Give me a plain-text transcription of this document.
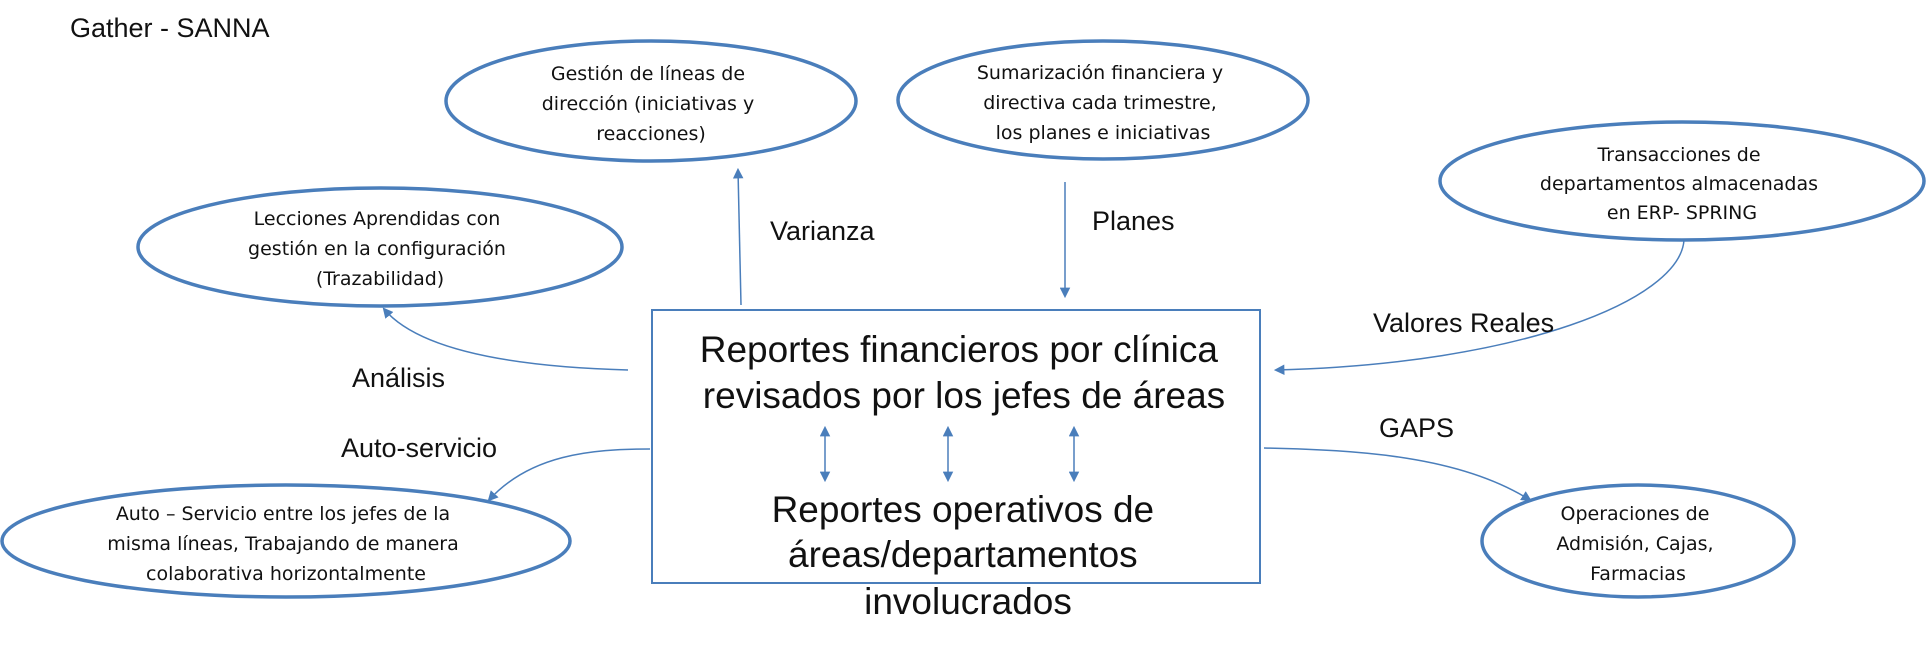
Gather - SANNA
Gestión de líneas de dirección (iniciativas y reacciones)
Sumarización financiera y directiva cada trimestre, los planes e iniciativas
Transacciones de departamentos almacenadas en ERP- SPRING
Lecciones Aprendidas con gestión en la configuración (Trazabilidad)
Auto – Servicio entre los jefes de la misma líneas, Trabajando de manera colaborativa horizontalmente
Operaciones de Admisión, Cajas, Farmacias
Reportes financieros por clínica revisados por los jefes de áreas
Reportes operativos de áreas/departamentos involucrados
Varianza	Planes
Valores Reales
Análisis
Auto-servicio
GAPS
